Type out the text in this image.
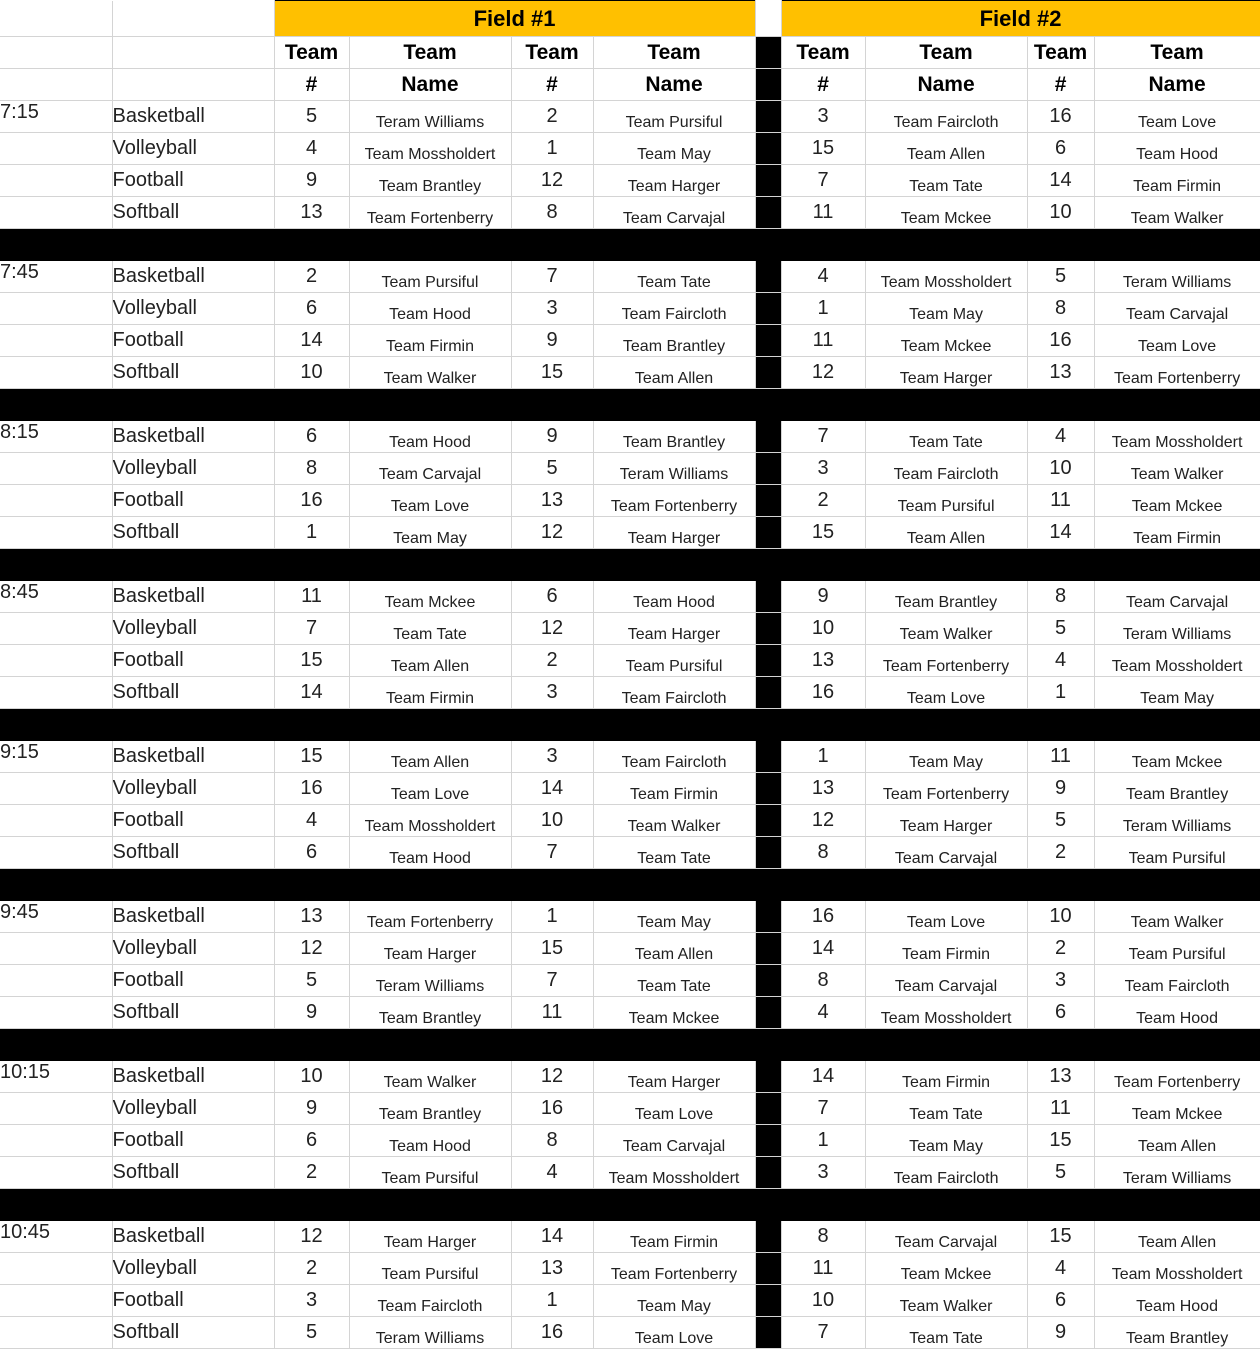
		Field #1					Field #2			
		Team	Team	Team	Team		Team	Team	Team	Team
		#	Name	#	Name		#	Name	#	Name
7:15	Basketball	5	Teram Williams	2	Team Pursiful		3	Team Faircloth	16	Team Love
	Volleyball	4	Team Mossholdert	1	Team May		15	Team Allen	6	Team Hood
	Football	9	Team Brantley	12	Team Harger		7	Team Tate	14	Team Firmin
	Softball	13	Team Fortenberry	8	Team Carvajal		11	Team Mckee	10	Team Walker

7:45	Basketball	2	Team Pursiful	7	Team Tate		4	Team Mossholdert	5	Teram Williams
	Volleyball	6	Team Hood	3	Team Faircloth		1	Team May	8	Team Carvajal
	Football	14	Team Firmin	9	Team Brantley		11	Team Mckee	16	Team Love
	Softball	10	Team Walker	15	Team Allen		12	Team Harger	13	Team Fortenberry

8:15	Basketball	6	Team Hood	9	Team Brantley		7	Team Tate	4	Team Mossholdert
	Volleyball	8	Team Carvajal	5	Teram Williams		3	Team Faircloth	10	Team Walker
	Football	16	Team Love	13	Team Fortenberry		2	Team Pursiful	11	Team Mckee
	Softball	1	Team May	12	Team Harger		15	Team Allen	14	Team Firmin

8:45	Basketball	11	Team Mckee	6	Team Hood		9	Team Brantley	8	Team Carvajal
	Volleyball	7	Team Tate	12	Team Harger		10	Team Walker	5	Teram Williams
	Football	15	Team Allen	2	Team Pursiful		13	Team Fortenberry	4	Team Mossholdert
	Softball	14	Team Firmin	3	Team Faircloth		16	Team Love	1	Team May

9:15	Basketball	15	Team Allen	3	Team Faircloth		1	Team May	11	Team Mckee
	Volleyball	16	Team Love	14	Team Firmin		13	Team Fortenberry	9	Team Brantley
	Football	4	Team Mossholdert	10	Team Walker		12	Team Harger	5	Teram Williams
	Softball	6	Team Hood	7	Team Tate		8	Team Carvajal	2	Team Pursiful

9:45	Basketball	13	Team Fortenberry	1	Team May		16	Team Love	10	Team Walker
	Volleyball	12	Team Harger	15	Team Allen		14	Team Firmin	2	Team Pursiful
	Football	5	Teram Williams	7	Team Tate		8	Team Carvajal	3	Team Faircloth
	Softball	9	Team Brantley	11	Team Mckee		4	Team Mossholdert	6	Team Hood

10:15	Basketball	10	Team Walker	12	Team Harger		14	Team Firmin	13	Team Fortenberry
	Volleyball	9	Team Brantley	16	Team Love		7	Team Tate	11	Team Mckee
	Football	6	Team Hood	8	Team Carvajal		1	Team May	15	Team Allen
	Softball	2	Team Pursiful	4	Team Mossholdert		3	Team Faircloth	5	Teram Williams

10:45	Basketball	12	Team Harger	14	Team Firmin		8	Team Carvajal	15	Team Allen
	Volleyball	2	Team Pursiful	13	Team Fortenberry		11	Team Mckee	4	Team Mossholdert
	Football	3	Team Faircloth	1	Team May		10	Team Walker	6	Team Hood
	Softball	5	Teram Williams	16	Team Love		7	Team Tate	9	Team Brantley
